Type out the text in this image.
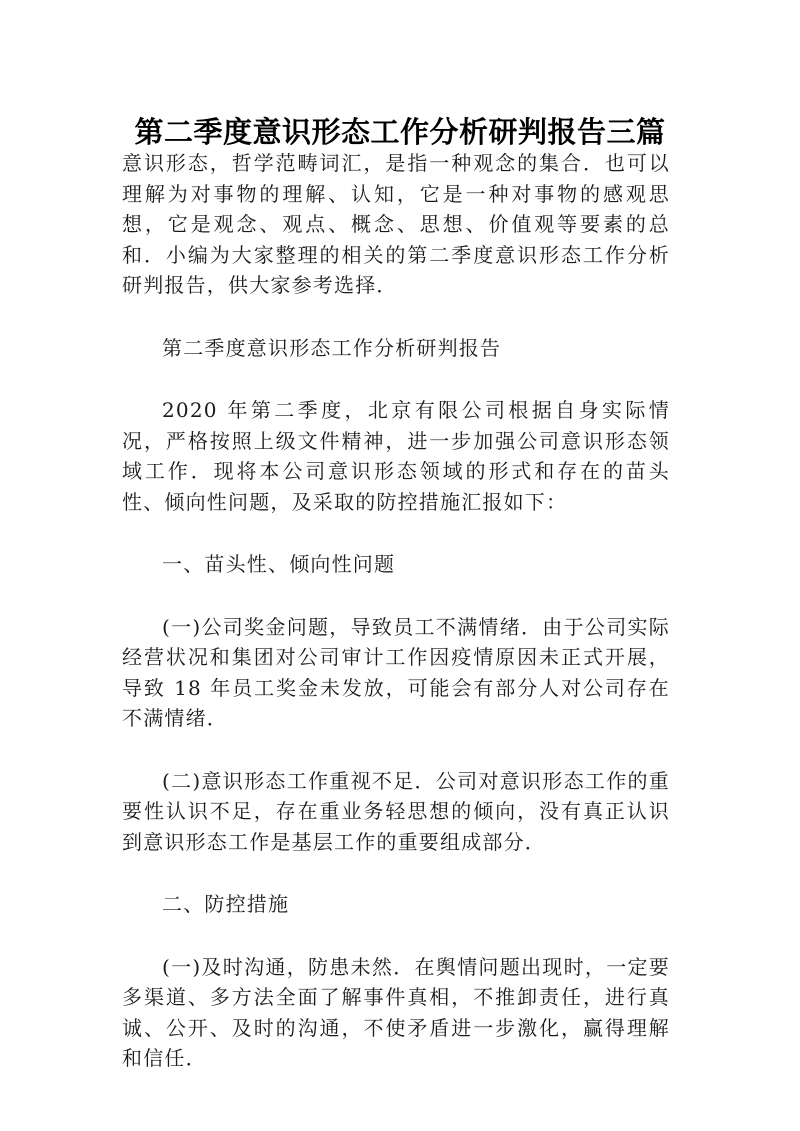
第二季度意识形态工作分析研判报告三篇

意识形态，哲学范畴词汇，是指一种观念的集合．也可以理解为对事物的理解、认知，它是一种对事物的感观思想，它是观念、观点、概念、思想、价值观等要素的总和．小编为大家整理的相关的第二季度意识形态工作分析研判报告，供大家参考选择．

第二季度意识形态工作分析研判报告

2020 年第二季度，北京有限公司根据自身实际情况，严格按照上级文件精神，进一步加强公司意识形态领域工作．现将本公司意识形态领域的形式和存在的苗头性、倾向性问题，及采取的防控措施汇报如下：

一、苗头性、倾向性问题

(一)公司奖金问题，导致员工不满情绪．由于公司实际经营状况和集团对公司审计工作因疫情原因未正式开展，导致 18 年员工奖金未发放，可能会有部分人对公司存在不满情绪．

(二)意识形态工作重视不足．公司对意识形态工作的重要性认识不足，存在重业务轻思想的倾向，没有真正认识到意识形态工作是基层工作的重要组成部分．

二、防控措施

(一)及时沟通，防患未然．在舆情问题出现时，一定要多渠道、多方法全面了解事件真相，不推卸责任，进行真诚、公开、及时的沟通，不使矛盾进一步激化，赢得理解和信任．
